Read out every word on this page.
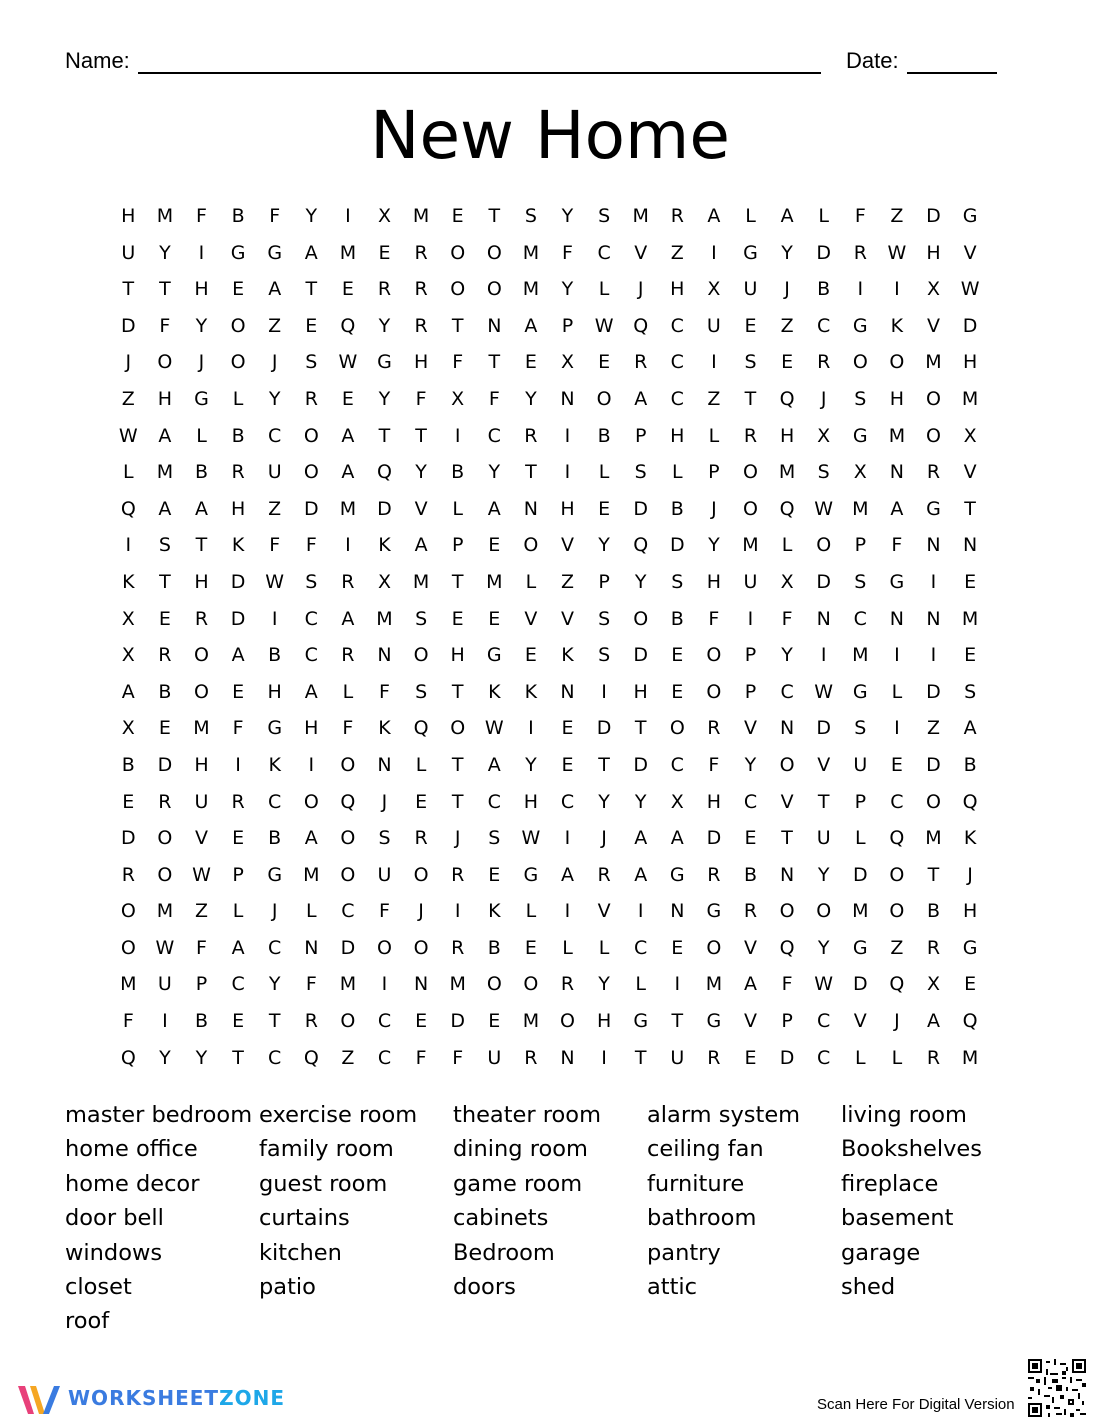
Name:	Date:
New Home
H	M	F	B	F	Y	I	X	M	E	T	S	Y	S	M	R	A	L	A	L	F	Z	D	G
U	Y	I	G	G	A	M	E	R	O	O	M	F	C	V	Z	I	G	Y	D	R	W	H	V
T	T	H	E	A	T	E	R	R	O	O	M	Y	L	J	H	X	U	J	B	I	I	X	W
D	F	Y	O	Z	E	Q	Y	R	T	N	A	P	W	Q	C	U	E	Z	C	G	K	V	D
J	O	J	O	J	S	W	G	H	F	T	E	X	E	R	C	I	S	E	R	O	O	M	H
Z	H	G	L	Y	R	E	Y	F	X	F	Y	N	O	A	C	Z	T	Q	J	S	H	O	M
W	A	L	B	C	O	A	T	T	I	C	R	I	B	P	H	L	R	H	X	G	M	O	X
L	M	B	R	U	O	A	Q	Y	B	Y	T	I	L	S	L	P	O	M	S	X	N	R	V
Q	A	A	H	Z	D	M	D	V	L	A	N	H	E	D	B	J	O	Q	W	M	A	G	T
I	S	T	K	F	F	I	K	A	P	E	O	V	Y	Q	D	Y	M	L	O	P	F	N	N
K	T	H	D	W	S	R	X	M	T	M	L	Z	P	Y	S	H	U	X	D	S	G	I	E
X	E	R	D	I	C	A	M	S	E	E	V	V	S	O	B	F	I	F	N	C	N	N	M
X	R	O	A	B	C	R	N	O	H	G	E	K	S	D	E	O	P	Y	I	M	I	I	E
A	B	O	E	H	A	L	F	S	T	K	K	N	I	H	E	O	P	C	W	G	L	D	S
X	E	M	F	G	H	F	K	Q	O	W	I	E	D	T	O	R	V	N	D	S	I	Z	A
B	D	H	I	K	I	O	N	L	T	A	Y	E	T	D	C	F	Y	O	V	U	E	D	B
E	R	U	R	C	O	Q	J	E	T	C	H	C	Y	Y	X	H	C	V	T	P	C	O	Q
D	O	V	E	B	A	O	S	R	J	S	W	I	J	A	A	D	E	T	U	L	Q	M	K
R	O	W	P	G	M	O	U	O	R	E	G	A	R	A	G	R	B	N	Y	D	O	T	J
O	M	Z	L	J	L	C	F	J	I	K	L	I	V	I	N	G	R	O	O	M	O	B	H
O	W	F	A	C	N	D	O	O	R	B	E	L	L	C	E	O	V	Q	Y	G	Z	R	G
M	U	P	C	Y	F	M	I	N	M	O	O	R	Y	L	I	M	A	F	W	D	Q	X	E
F	I	B	E	T	R	O	C	E	D	E	M	O	H	G	T	G	V	P	C	V	J	A	Q
Q	Y	Y	T	C	Q	Z	C	F	F	U	R	N	I	T	U	R	E	D	C	L	L	R	M
master bedroom
home office
home decor
door bell
windows
closet
roof
exercise room
family room
guest room
curtains
kitchen
patio
theater room
dining room
game room
cabinets
Bedroom
doors
alarm system
ceiling fan
furniture
bathroom
pantry
attic
living room
Bookshelves
fireplace
basement
garage
shed
WORKSHEETZONE	Scan Here For Digital Version
